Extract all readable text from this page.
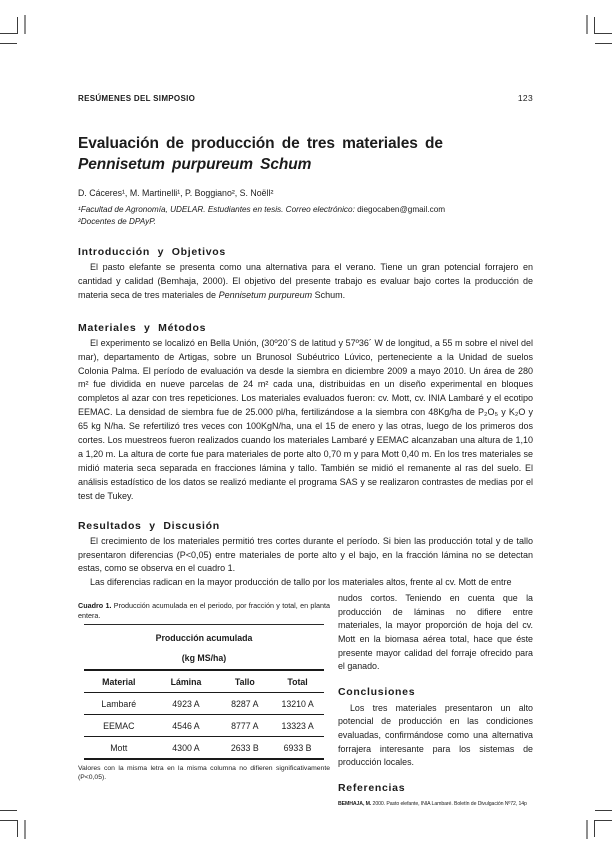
RESÚMENES DEL SIMPOSIO	123
Evaluación de producción de tres materiales de Pennisetum purpureum Schum
D. Cáceres¹, M. Martinelli¹, P. Boggiano², S. Noëll²
¹Facultad de Agronomía, UDELAR. Estudiantes en tesis. Correo electrónico: diegocaben@gmail.com
²Docentes de DPAyP.
Introducción y Objetivos

El pasto elefante se presenta como una alternativa para el verano. Tiene un gran potencial forrajero en cantidad y calidad (Bemhaja, 2000). El objetivo del presente trabajo es evaluar bajo cortes la producción de materia seca de tres materiales de Pennisetum purpureum Schum.

Materiales y Métodos

El experimento se localizó en Bella Unión, (30º20´S de latitud y 57º36´ W de longitud, a 55 m sobre el nivel del mar), departamento de Artigas, sobre un Brunosol Subéutrico Lúvico, perteneciente a la Unidad de suelos Colonia Palma. El período de evaluación va desde la siembra en diciembre 2009 a mayo 2010. Un área de 280 m² fue dividida en nueve parcelas de 24 m² cada una, distribuidas en un diseño experimental en bloques completos al azar con tres repeticiones. Los materiales evaluados fueron: cv. Mott, cv. INIA Lambaré y el ecotipo EEMAC. La densidad de siembra fue de 25.000 pl/ha, fertilizándose a la siembra con 48Kg/ha de P₂O₅ y K₂O y 65 kg N/ha. Se refertilizó tres veces con 100KgN/ha, una el 15 de enero y las otras, luego de los primeros dos cortes. Los muestreos fueron realizados cuando los materiales Lambaré y EEMAC alcanzaban una altura de 1,10 a 1,20 m. La altura de corte fue para materiales de porte alto 0,70 m y para Mott 0,40 m. En los tres materiales se midió materia seca separada en fracciones lámina y tallo. También se midió el remanente al ras del suelo. El análisis estadístico de los datos se realizó mediante el programa SAS y se realizaron contrastes de medias por el test de Tukey.

Resultados y Discusión

El crecimiento de los materiales permitió tres cortes durante el período. Si bien las producción total y de tallo presentaron diferencias (P<0,05) entre materiales de porte alto y el bajo, en la fracción lámina no se detectan estas, como se observa en el cuadro 1.

Las diferencias radican en la mayor producción de tallo por los materiales altos, frente al cv. Mott de entre

Cuadro 1. Producción acumulada en el periodo, por fracción y total, en planta entera.

Producción acumulada
(kg MS/ha)
Material	Lámina	Tallo	Total
Lambaré	4923 A	8287 A	13210 A
EEMAC	4546 A	8777 A	13323 A
Mott	4300 A	2633 B	6933 B

Valores con la misma letra en la misma columna no difieren significativamente (P<0,05).

nudos cortos. Teniendo en cuenta que la producción de láminas no difiere entre materiales, la mayor proporción de hoja del cv. Mott en la biomasa aérea total, hace que éste presente mayor calidad del forraje ofrecido para el ganado.

Conclusiones

Los tres materiales presentaron un alto potencial de producción en las condiciones evaluadas, confirmándose como una alternativa forrajera interesante para los sistemas de producción locales.

Referencias

BEMHAJA, M. 2000. Pasto elefante, INIA Lambaré. Boletín de Divulgación Nº72, 14p
